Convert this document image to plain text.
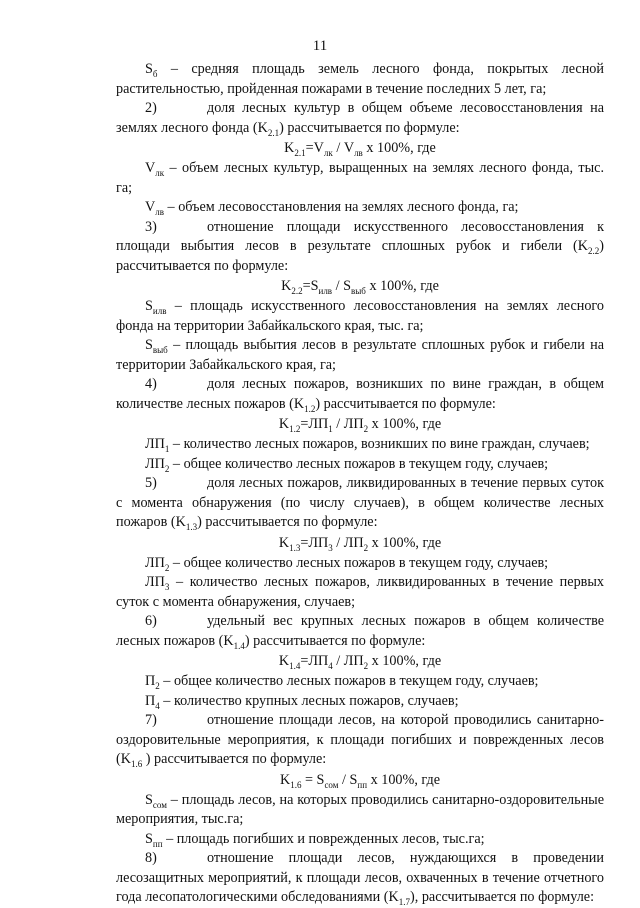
11

$S_б$ – средняя площадь земель лесного фонда, покрытых лесной растительностью, пройденная пожарами в течение последних 5 лет, га;

2)	доля лесных культур в общем объеме лесовосстановления на землях лесного фонда $(K_{2.1})$ рассчитывается по формуле:

$K_{2.1}=V_{лк} / V_{лв}$ x 100%, где

$V_{лк}$ – объем лесных культур, выращенных на землях лесного фонда, тыс. га;

$V_{лв}$ – объем лесовосстановления на землях лесного фонда, га;

3)	отношение площади искусственного лесовосстановления к площади выбытия лесов в результате сплошных рубок и гибели $(K_{2.2})$ рассчитывается по формуле:

$K_{2.2}=S_{илв} / S_{выб}$ x 100%, где

$S_{илв}$ – площадь искусственного лесовосстановления на землях лесного фонда на территории Забайкальского края, тыс. га;

$S_{выб}$ – площадь выбытия лесов в результате сплошных рубок и гибели на территории Забайкальского края, га;

4)	доля лесных пожаров, возникших по вине граждан, в общем количестве лесных пожаров $(K_{1.2})$ рассчитывается по формуле:

$K_{1.2}=ЛП_1 / ЛП_2$ x 100%, где

$ЛП_1$ – количество лесных пожаров, возникших по вине граждан, случаев;

$ЛП_2$ – общее количество лесных пожаров в текущем году, случаев;

5)	доля лесных пожаров, ликвидированных в течение первых суток с момента обнаружения (по числу случаев), в общем количестве лесных пожаров $(K_{1.3})$ рассчитывается по формуле:

$K_{1.3}=ЛП_3 / ЛП_2$ x 100%, где

$ЛП_2$ – общее количество лесных пожаров в текущем году, случаев;

$ЛП_3$ – количество лесных пожаров, ликвидированных в течение первых суток с момента обнаружения, случаев;

6)	удельный вес крупных лесных пожаров в общем количестве лесных пожаров $(K_{1.4})$ рассчитывается по формуле:

$K_{1.4}=ЛП_4 / ЛП_2$ x 100%, где

$П_2$ – общее количество лесных пожаров в текущем году, случаев;

$П_4$ – количество крупных лесных пожаров, случаев;

7)	отношение площади лесов, на которой проводились санитарно-оздоровительные мероприятия, к площади погибших и поврежденных лесов ($K_{1.6}$ ) рассчитывается по формуле:

$K_{1.6} = S_{сом} / S_{пп}$ x 100%, где

$S_{сом}$ – площадь лесов, на которых проводились санитарно-оздоровительные мероприятия, тыс.га;

$S_{пп}$ – площадь погибших и поврежденных лесов, тыс.га;

8)	отношение площади лесов, нуждающихся в проведении лесозащитных мероприятий, к площади лесов, охваченных в течение отчетного года лесопатологическими обследованиями $(K_{1.7})$, рассчитывается по формуле:
